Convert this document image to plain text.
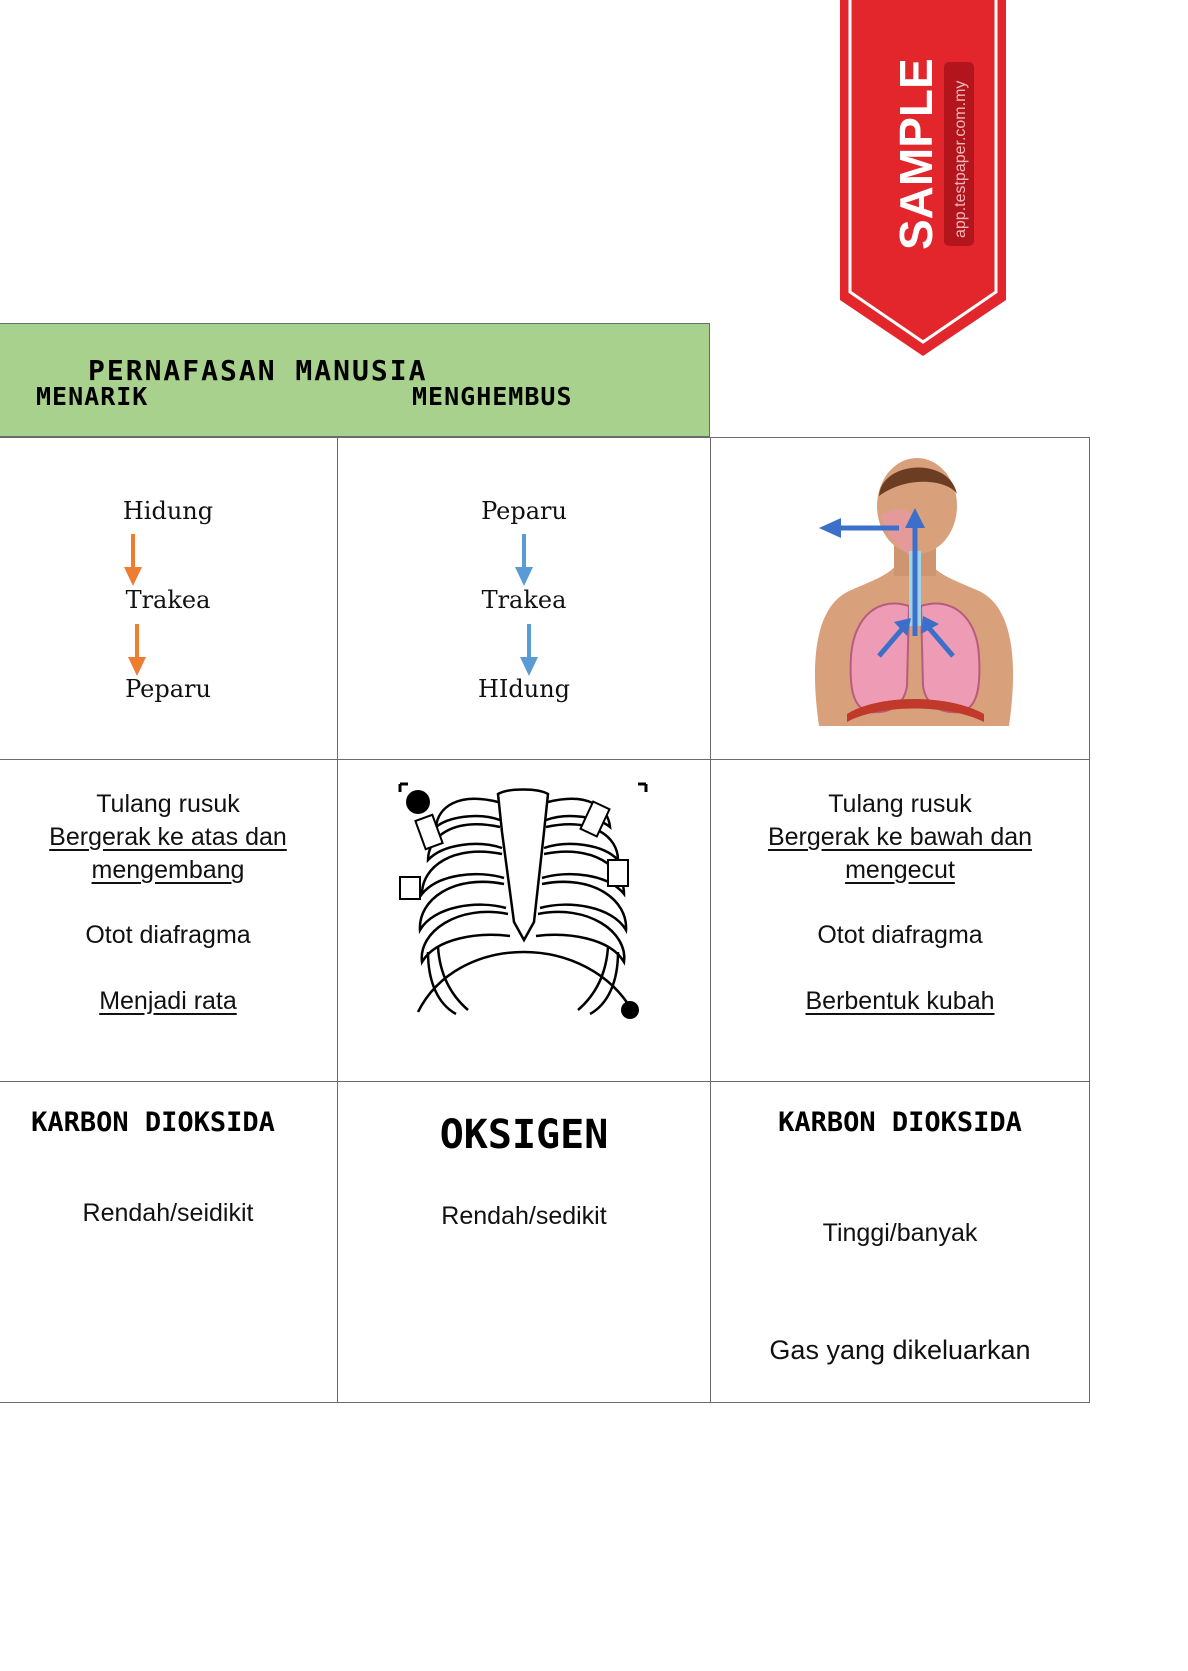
SAMPLE app.testpaper.com.my
PERNAFASAN MANUSIA
MENARIK	MENGHEMBUS
Hidung
Trakea
Peparu
Peparu
Trakea
HIdung
Tulang rusuk
Bergerak ke atas dan
mengembang
Otot diafragma
Menjadi rata
Tulang rusuk
Bergerak ke bawah dan
mengecut
Otot diafragma
Berbentuk kubah
KARBON DIOKSIDA
Rendah/seidikit
OKSIGEN
Rendah/sedikit
KARBON DIOKSIDA
Tinggi/banyak
Gas yang dikeluarkan
